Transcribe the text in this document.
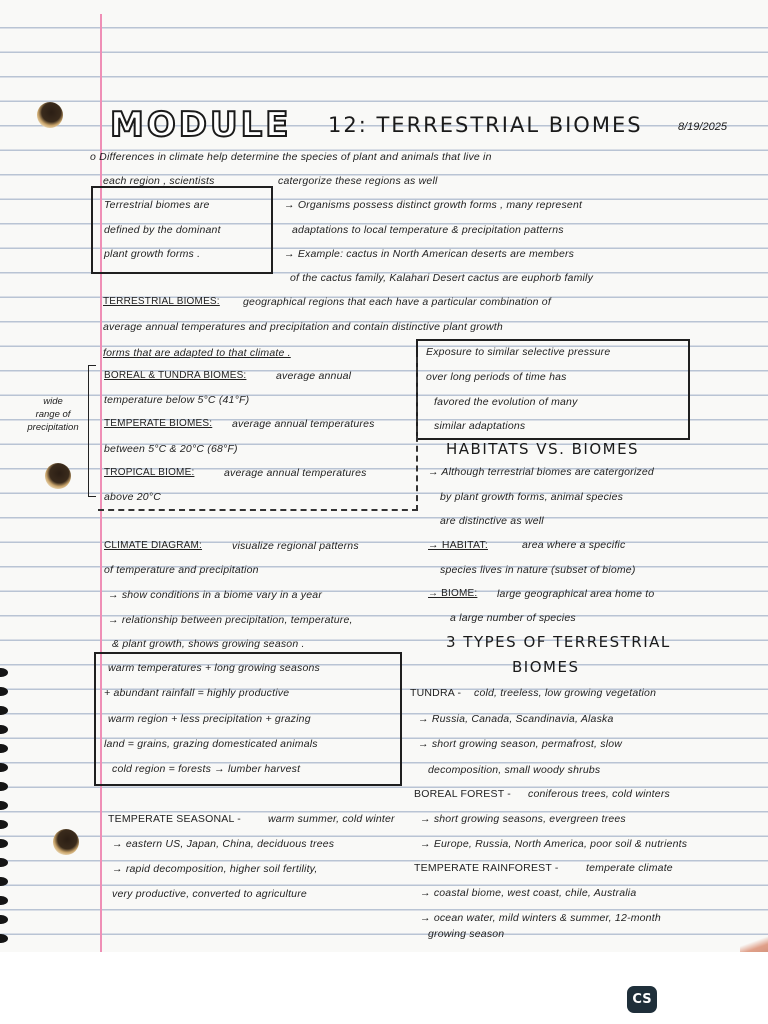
MODULE 12: TERRESTRIAL BIOMES	8/19/2025
o Differences in climate help determine the species of plant and animals that live in
each region , scientists	catergorize these regions as well
Terrestrial biomes are
defined by the dominant
plant growth forms .
→ Organisms possess distinct growth forms , many represent
adaptations to local temperature & precipitation patterns
→ Example: cactus in North American deserts are members
of the cactus family, Kalahari Desert cactus are euphorb family
TERRESTRIAL BIOMES: geographical regions that each have a particular combination of
average annual temperatures and precipitation and contain distinctive plant growth
forms that are adapted to that climate .	Exposure to similar selective pressure
over long periods of time has
favored the evolution of many
similar adaptations
wide
range of
precipitation
BOREAL & TUNDRA BIOMES:	average annual
temperature below 5°C (41°F)
TEMPERATE BIOMES: average annual temperatures
between 5°C & 20°C (68°F)
TROPICAL BIOME:	average annual temperatures
above 20°C
HABITATS VS. BIOMES
→ Although terrestrial biomes are catergorized
by plant growth forms, animal species
are distinctive as well
→ HABITAT:	area where a specific
species lives in nature (subset of biome)
→ BIOME: large geographical area home to
a large number of species
CLIMATE DIAGRAM:	visualize regional patterns
of temperature and precipitation
→ show conditions in a biome vary in a year
→ relationship between precipitation, temperature,
& plant growth, shows growing season .
warm temperatures + long growing seasons
+ abundant rainfall = highly productive
warm region + less precipitation + grazing
land = grains, grazing domesticated animals
cold region = forests → lumber harvest
3 TYPES OF TERRESTRIAL
BIOMES
TUNDRA - cold, treeless, low growing vegetation
→ Russia, Canada, Scandinavia, Alaska
→ short growing season, permafrost, slow
decomposition, small woody shrubs
BOREAL FOREST - coniferous trees, cold winters
→ short growing seasons, evergreen trees
→ Europe, Russia, North America, poor soil & nutrients
TEMPERATE RAINFOREST -	temperate climate
→ coastal biome, west coast, chile, Australia
→ ocean water, mild winters & summer, 12-month
growing season
TEMPERATE SEASONAL -	warm summer, cold winter
→ eastern US, Japan, China, deciduous trees
→ rapid decomposition, higher soil fertility,
very productive, converted to agriculture
CS
